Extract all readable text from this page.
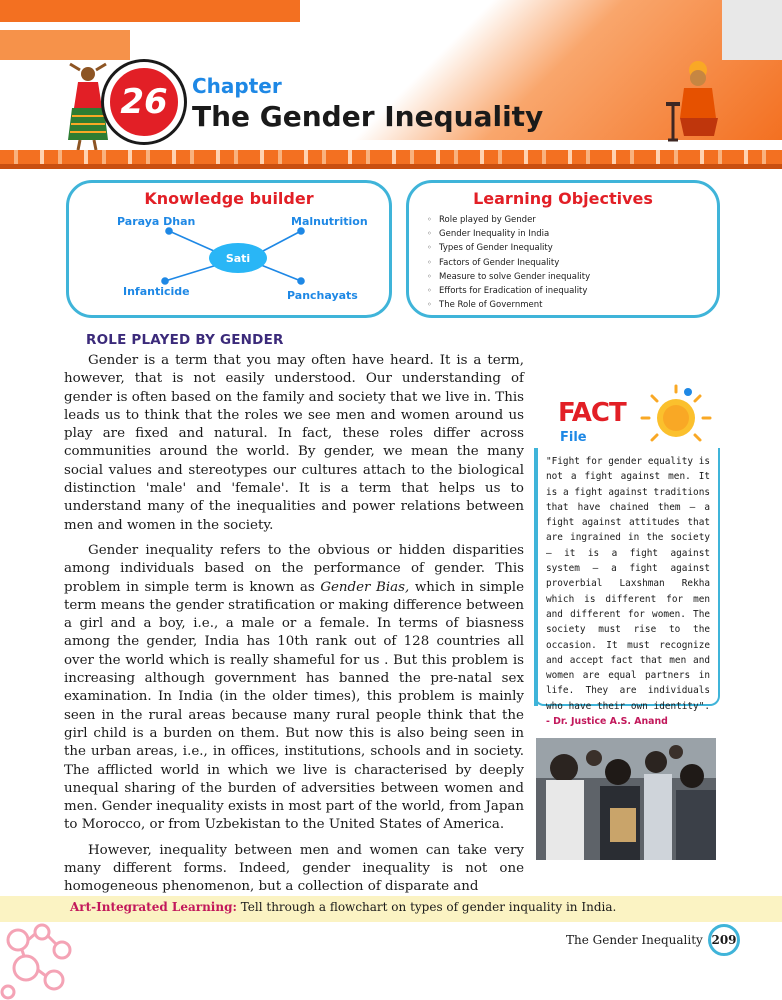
26 Chapter
The Gender Inequality
Knowledge builder
Paraya Dhan	Malnutrition
Infanticide	Panchayats
Sati
Learning Objectives
◦ Role played by Gender
◦ Gender Inequality in India
◦ Types of Gender Inequality
◦ Factors of Gender Inequality
◦ Measure to solve Gender inequality
◦ Efforts for Eradication of inequality
◦ The Role of Government
ROLE PLAYED BY GENDER

Gender is a term that you may often have heard. It is a term, however, that is not easily understood. Our understanding of gender is often based on the family and society that we live in. This leads us to think that the roles we see men and women around us play are fixed and natural. In fact, these roles differ across communities around the world. By gender, we mean the many social values and stereotypes our cultures attach to the biological distinction 'male' and 'female'. It is a term that helps us to understand many of the inequalities and power relations between men and women in the society.

Gender inequality refers to the obvious or hidden disparities among individuals based on the performance of gender. This problem in simple term is known as Gender Bias, which in simple term means the gender stratification or making difference between a girl and a boy, i.e., a male or a female. In terms of biasness among the gender, India has 10th rank out of 128 countries all over the world which is really shameful for us . But this problem is increasing although government has banned the pre-natal sex examination. In India (in the older times), this problem is mainly seen in the rural areas because many rural people think that the girl child is a burden on them. But now this is also being seen in the urban areas, i.e., in offices, institutions, schools and in society. The afflicted world in which we live is characterised by deeply unequal sharing of the burden of adversities between women and men. Gender inequality exists in most part of the world, from Japan to Morocco, or from Uzbekistan to the United States of America.

However, inequality between men and women can take very many different forms. Indeed, gender inequality is not one homogeneous phenomenon, but a collection of disparate and

FACT
File
"Fight for gender equality is not a fight against men. It is a fight against traditions that have chained them – a fight against attitudes that are ingrained in the society – it is a fight against system – a fight against proverbial Laxshman Rekha which is different for men and different for women. The society must rise to the occasion. It must recognize and accept fact that men and women are equal partners in life. They are individuals who have their own identity". - Dr. Justice A.S. Anand
Art-Integrated Learning: Tell through a flowchart on types of gender inquality in India.
The Gender Inequality 209
